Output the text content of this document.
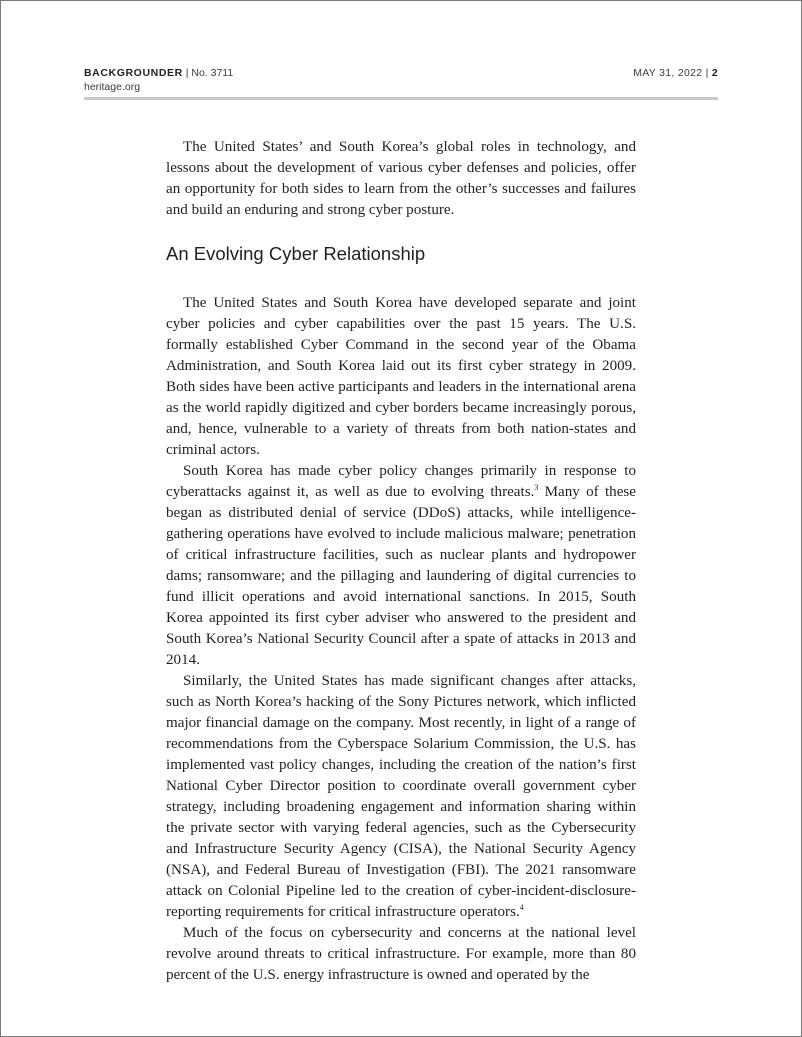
BACKGROUNDER | No. 3711
heritage.org
MAY 31, 2022 | 2

The United States’ and South Korea’s global roles in technology, and lessons about the development of various cyber defenses and policies, offer an opportunity for both sides to learn from the other’s successes and failures and build an enduring and strong cyber posture.

An Evolving Cyber Relationship

The United States and South Korea have developed separate and joint cyber policies and cyber capabilities over the past 15 years. The U.S. formally established Cyber Command in the second year of the Obama Administration, and South Korea laid out its first cyber strategy in 2009. Both sides have been active participants and leaders in the international arena as the world rapidly digitized and cyber borders became increasingly porous, and, hence, vulnerable to a variety of threats from both nation-states and criminal actors.

South Korea has made cyber policy changes primarily in response to cyberattacks against it, as well as due to evolving threats.$^3$ Many of these began as distributed denial of service (DDoS) attacks, while intelligence-gathering operations have evolved to include malicious malware; penetration of critical infrastructure facilities, such as nuclear plants and hydropower dams; ransomware; and the pillaging and laundering of digital currencies to fund illicit operations and avoid international sanctions. In 2015, South Korea appointed its first cyber adviser who answered to the president and South Korea’s National Security Council after a spate of attacks in 2013 and 2014.

Similarly, the United States has made significant changes after attacks, such as North Korea’s hacking of the Sony Pictures network, which inflicted major financial damage on the company. Most recently, in light of a range of recommendations from the Cyberspace Solarium Commission, the U.S. has implemented vast policy changes, including the creation of the nation’s first National Cyber Director position to coordinate overall government cyber strategy, including broadening engagement and information sharing within the private sector with varying federal agencies, such as the Cybersecurity and Infrastructure Security Agency (CISA), the National Security Agency (NSA), and Federal Bureau of Investigation (FBI). The 2021 ransomware attack on Colonial Pipeline led to the creation of cyber-incident-disclosure-reporting requirements for critical infrastructure operators.$^4$

Much of the focus on cybersecurity and concerns at the national level revolve around threats to critical infrastructure. For example, more than 80 percent of the U.S. energy infrastructure is owned and operated by the
